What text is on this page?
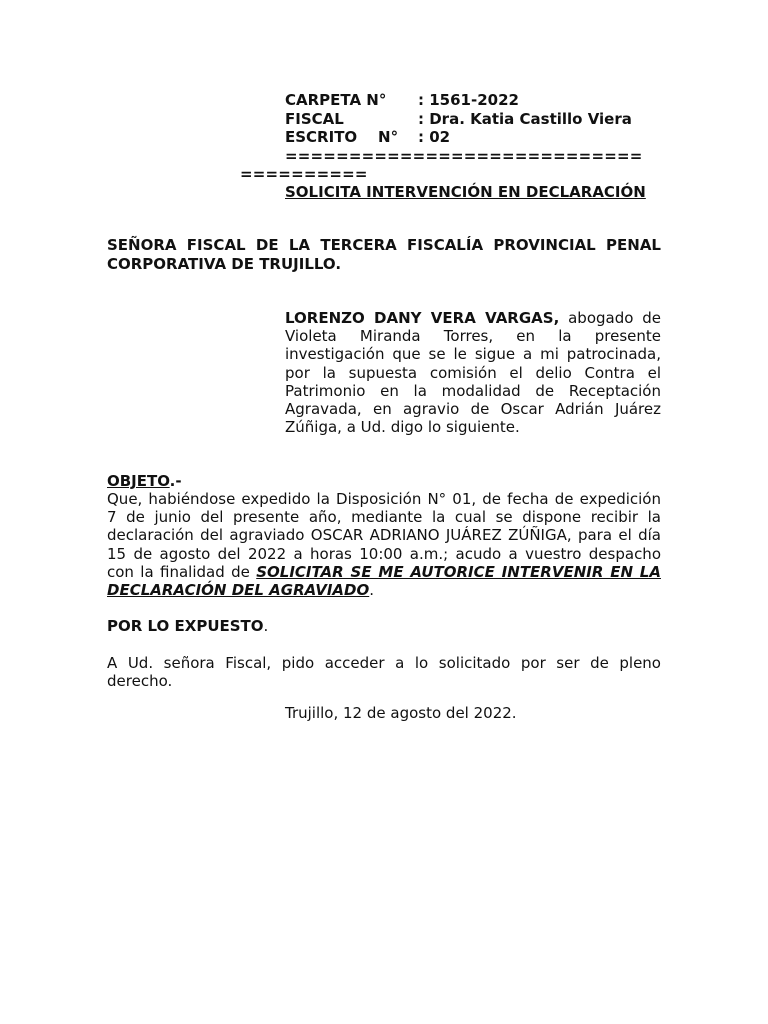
CARPETA N° : 1561-2022
FISCAL	: Dra. Katia Castillo Viera
ESCRITO    N° : 02
============================
==========
SOLICITA INTERVENCIÓN EN DECLARACIÓN
SEÑORA FISCAL DE LA TERCERA FISCALÍA PROVINCIAL PENAL CORPORATIVA DE TRUJILLO.
LORENZO DANY VERA VARGAS, abogado de Violeta Miranda Torres, en la presente investigación que se le sigue a mi patrocinada, por la supuesta comisión el delio Contra el Patrimonio en la modalidad de Receptación Agravada, en agravio de Oscar Adrián Juárez Zúñiga, a Ud. digo lo siguiente.
OBJETO.-
Que, habiéndose expedido la Disposición N° 01, de fecha de expedición 7 de junio del presente año, mediante la cual se dispone recibir la declaración del agraviado OSCAR ADRIANO JUÁREZ ZÚÑIGA, para el día 15 de agosto del 2022 a horas 10:00 a.m.; acudo a vuestro despacho con la finalidad de SOLICITAR SE ME AUTORICE INTERVENIR EN LA DECLARACIÓN DEL AGRAVIADO.
POR LO EXPUESTO.
A Ud. señora Fiscal, pido acceder a lo solicitado por ser de pleno derecho.
Trujillo, 12 de agosto del 2022.
